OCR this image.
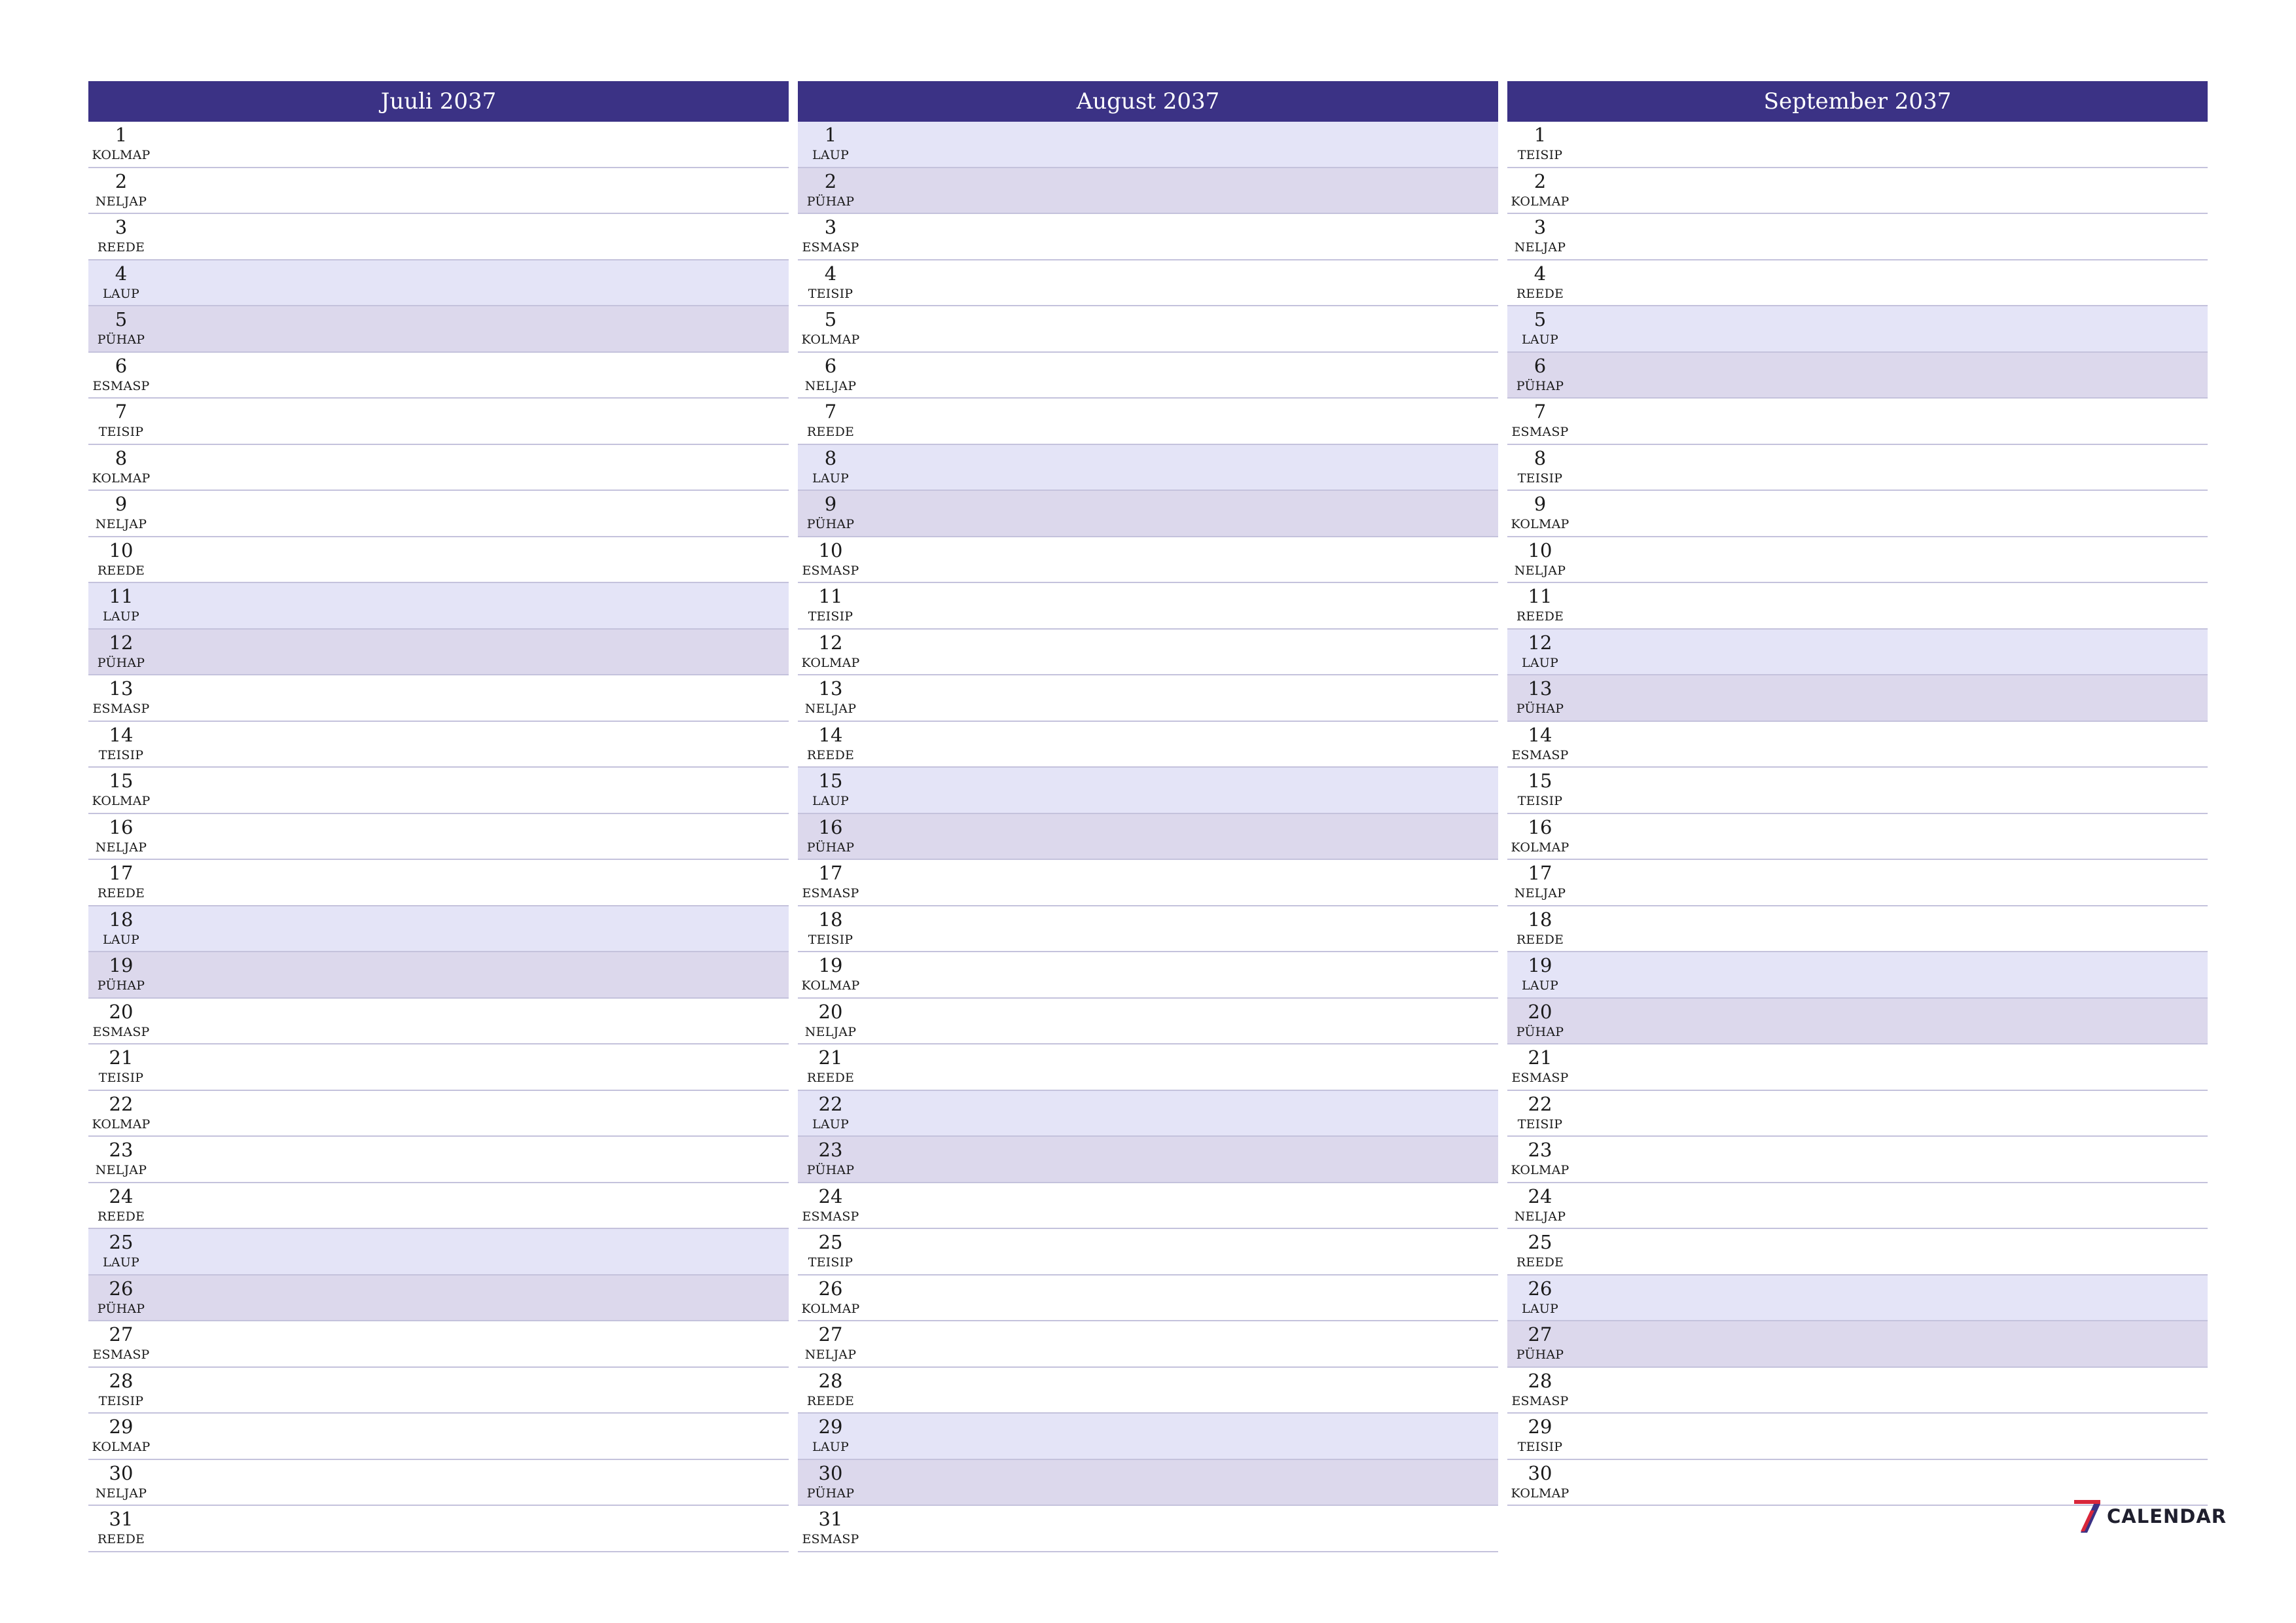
Juuli 2037
1
KOLMAP
2
NELJAP
3
REEDE
4
LAUP
5
PÜHAP
6
ESMASP
7
TEISIP
8
KOLMAP
9
NELJAP
10
REEDE
11
LAUP
12
PÜHAP
13
ESMASP
14
TEISIP
15
KOLMAP
16
NELJAP
17
REEDE
18
LAUP
19
PÜHAP
20
ESMASP
21
TEISIP
22
KOLMAP
23
NELJAP
24
REEDE
25
LAUP
26
PÜHAP
27
ESMASP
28
TEISIP
29
KOLMAP
30
NELJAP
31
REEDE
August 2037
1
LAUP
2
PÜHAP
3
ESMASP
4
TEISIP
5
KOLMAP
6
NELJAP
7
REEDE
8
LAUP
9
PÜHAP
10
ESMASP
11
TEISIP
12
KOLMAP
13
NELJAP
14
REEDE
15
LAUP
16
PÜHAP
17
ESMASP
18
TEISIP
19
KOLMAP
20
NELJAP
21
REEDE
22
LAUP
23
PÜHAP
24
ESMASP
25
TEISIP
26
KOLMAP
27
NELJAP
28
REEDE
29
LAUP
30
PÜHAP
31
ESMASP
September 2037
1
TEISIP
2
KOLMAP
3
NELJAP
4
REEDE
5
LAUP
6
PÜHAP
7
ESMASP
8
TEISIP
9
KOLMAP
10
NELJAP
11
REEDE
12
LAUP
13
PÜHAP
14
ESMASP
15
TEISIP
16
KOLMAP
17
NELJAP
18
REEDE
19
LAUP
20
PÜHAP
21
ESMASP
22
TEISIP
23
KOLMAP
24
NELJAP
25
REEDE
26
LAUP
27
PÜHAP
28
ESMASP
29
TEISIP
30
KOLMAP
CALENDAR
